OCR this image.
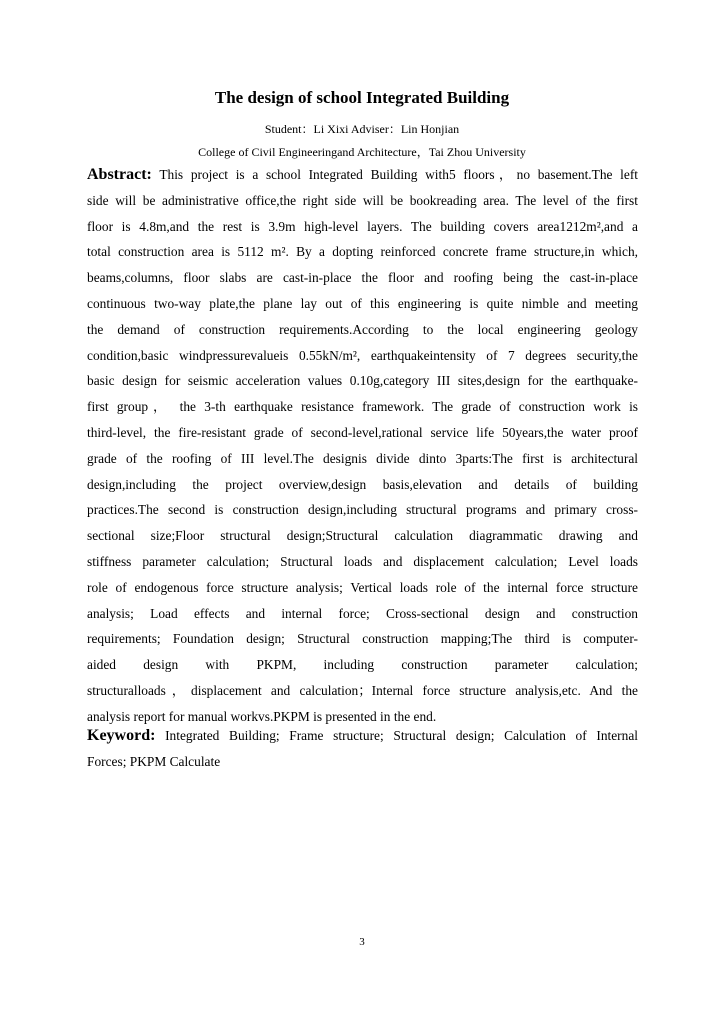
The design of school Integrated Building
Student：Li Xixi Adviser：Lin Honjian
College of Civil Engineeringand Architecture，Tai Zhou University
Abstract: This project is a school Integrated Building with5 floors，no basement.The left
side will be administrative office,the right side will be bookreading area. The level of the first
floor is 4.8m,and the rest is 3.9m high-level layers. The building covers area1212m²,and a
total construction area is 5112 m². By a dopting reinforced concrete frame structure,in which,
beams,columns, floor slabs are cast-in-place the floor and roofing being the cast-in-place
continuous two-way plate,the plane lay out of this engineering is quite nimble and meeting
the demand of construction requirements.According to the local engineering geology
condition,basic windpressurevalueis 0.55kN/m², earthquakeintensity of 7 degrees security,the
basic design for seismic acceleration values 0.10g,category III sites,design for the earthquake-
first group， the 3-th earthquake resistance framework. The grade of construction work is
third-level, the fire-resistant grade of second-level,rational service life 50years,the water proof
grade of the roofing of III level.The designis divide dinto 3parts:The first is architectural
design,including the project overview,design basis,elevation and details of building
practices.The second is construction design,including structural programs and primary cross-
sectional size;Floor structural design;Structural calculation diagrammatic drawing and
stiffness parameter calculation; Structural loads and displacement calculation; Level loads
role of endogenous force structure analysis; Vertical loads role of the internal force structure
analysis; Load effects and internal force; Cross-sectional design and construction
requirements; Foundation design; Structural construction mapping;The third is computer-
aided design with PKPM, including construction parameter calculation;
structuralloads，displacement and calculation；Internal force structure analysis,etc. And the
analysis report for manual workvs.PKPM is presented in the end.
Keyword: Integrated Building; Frame structure; Structural design; Calculation of Internal
Forces; PKPM Calculate
3
